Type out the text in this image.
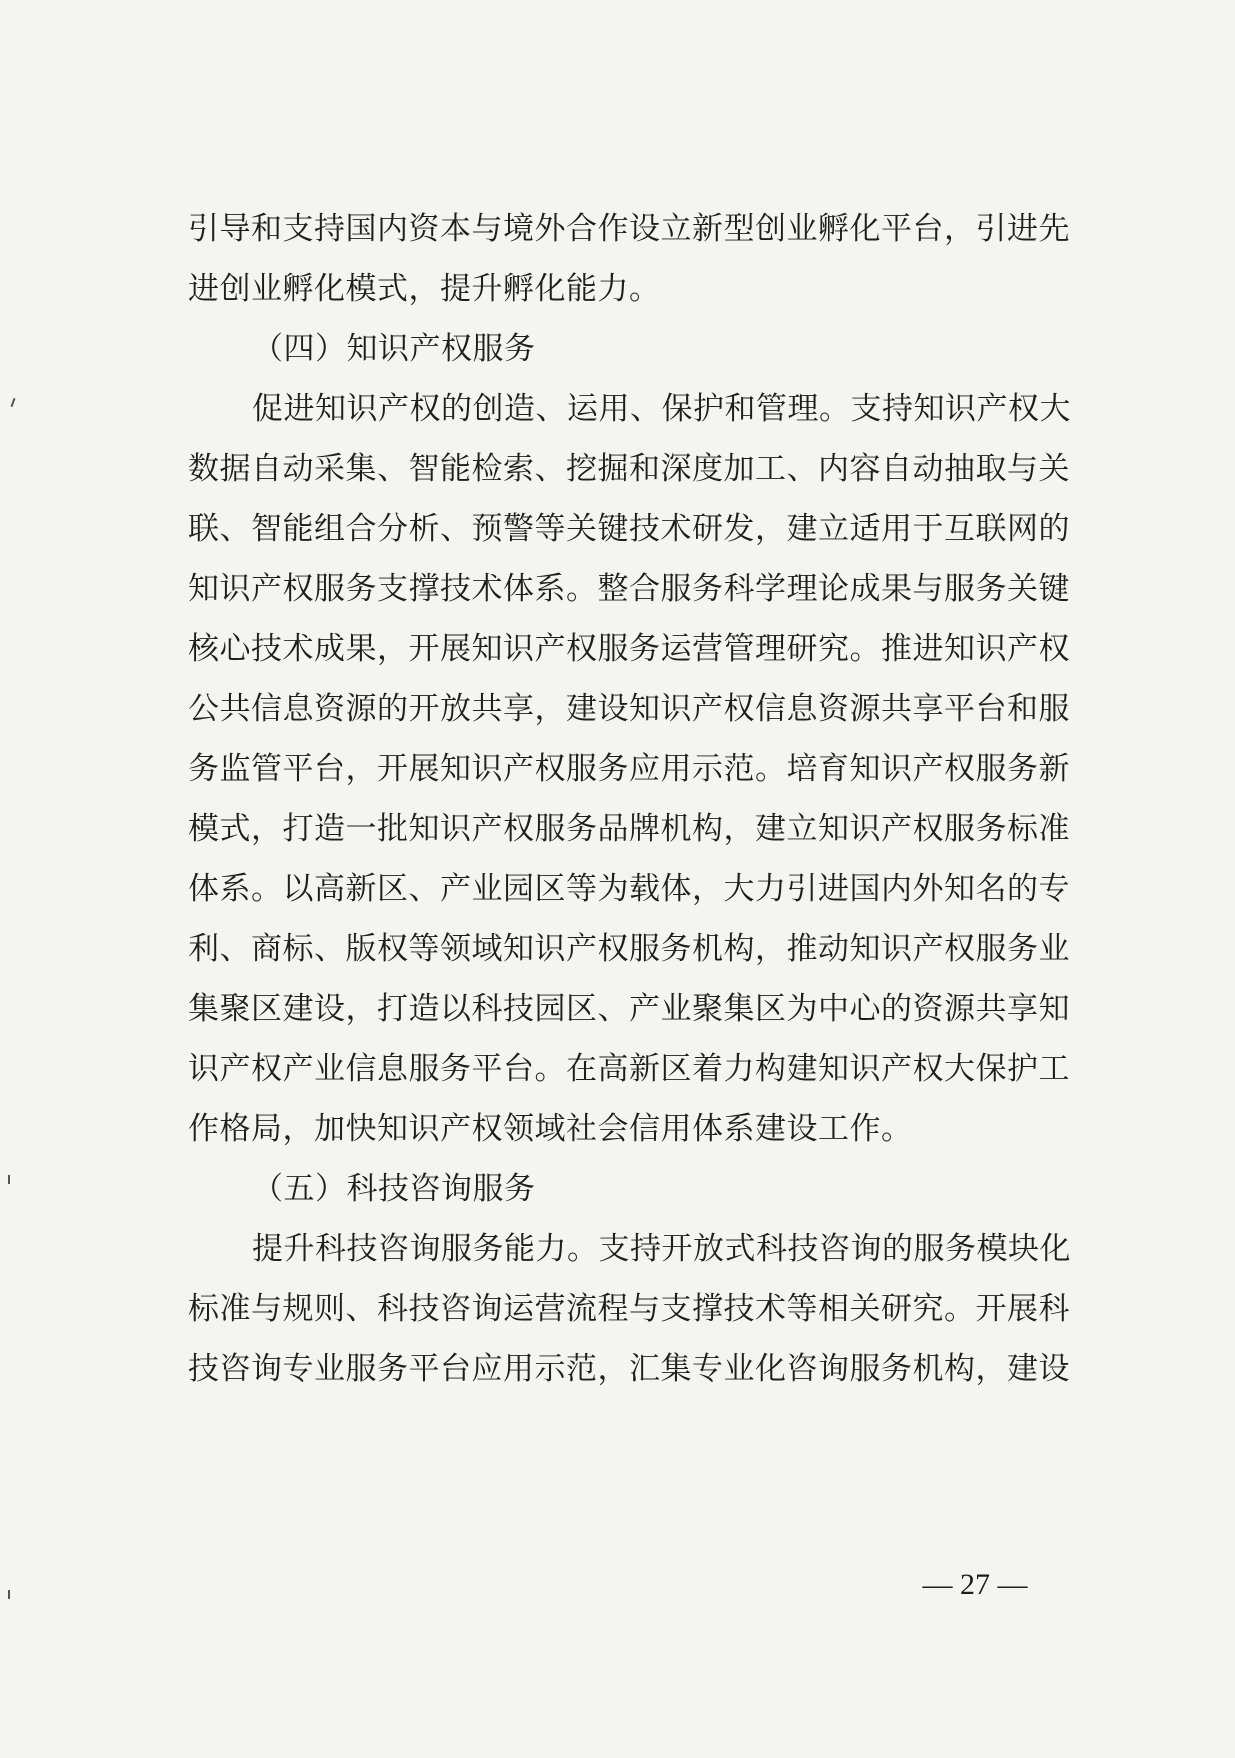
引导和支持国内资本与境外合作设立新型创业孵化平台，引进先
进创业孵化模式，提升孵化能力。
（四）知识产权服务
促进知识产权的创造、运用、保护和管理。支持知识产权大
数据自动采集、智能检索、挖掘和深度加工、内容自动抽取与关
联、智能组合分析、预警等关键技术研发，建立适用于互联网的
知识产权服务支撑技术体系。整合服务科学理论成果与服务关键
核心技术成果，开展知识产权服务运营管理研究。推进知识产权
公共信息资源的开放共享，建设知识产权信息资源共享平台和服
务监管平台，开展知识产权服务应用示范。培育知识产权服务新
模式，打造一批知识产权服务品牌机构，建立知识产权服务标准
体系。以高新区、产业园区等为载体，大力引进国内外知名的专
利、商标、版权等领域知识产权服务机构，推动知识产权服务业
集聚区建设，打造以科技园区、产业聚集区为中心的资源共享知
识产权产业信息服务平台。在高新区着力构建知识产权大保护工
作格局，加快知识产权领域社会信用体系建设工作。
（五）科技咨询服务
提升科技咨询服务能力。支持开放式科技咨询的服务模块化
标准与规则、科技咨询运营流程与支撑技术等相关研究。开展科
技咨询专业服务平台应用示范，汇集专业化咨询服务机构，建设
— 27 —
